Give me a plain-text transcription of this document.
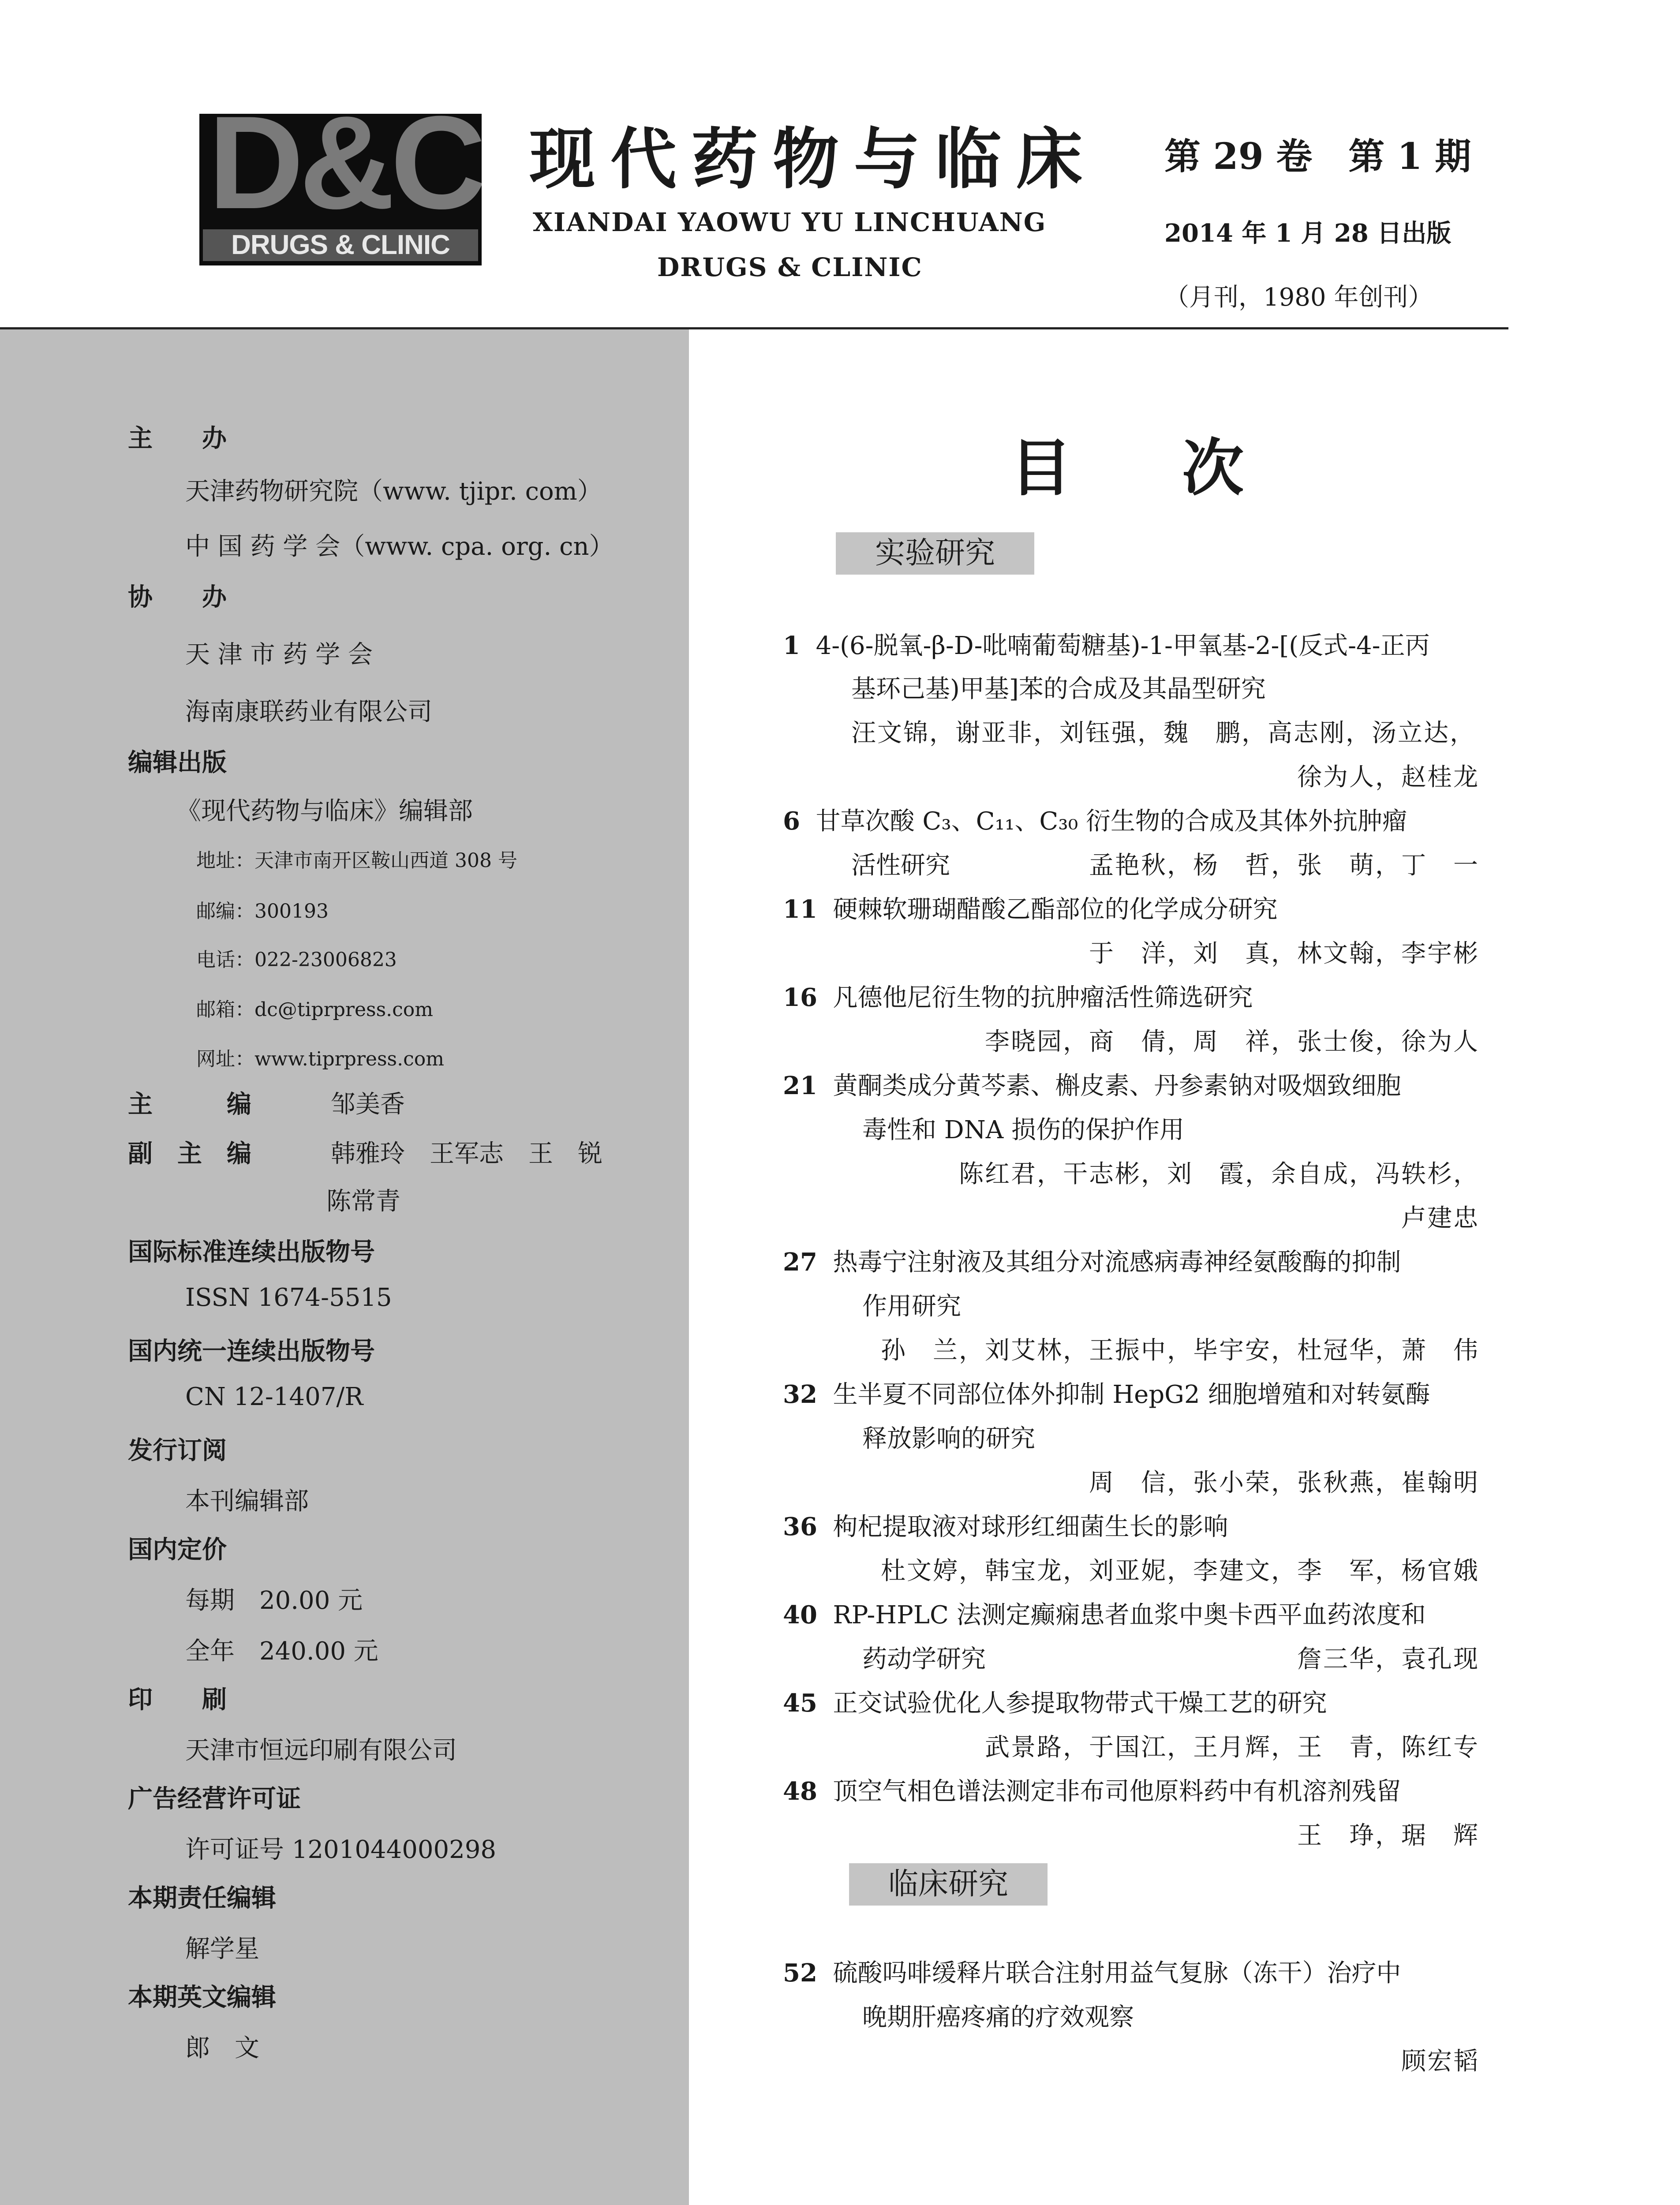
D&C
DRUGS & CLINIC
现代药物与临床
XIANDAI YAOWU YU LINCHUANG
DRUGS & CLINIC
第 29 卷　第 1 期
2014 年 1 月 28 日出版
（月刊，1980 年创刊）
主　　办
天津药物研究院（www. tjipr. com）
中 国 药 学 会（www. cpa. org. cn）
协　　办
天 津 市 药 学 会
海南康联药业有限公司
编辑出版
《现代药物与临床》编辑部
地址：天津市南开区鞍山西道 308 号
邮编：300193
电话：022-23006823
邮箱：dc@tiprpress.com
网址：www.tiprpress.com
主　　　编	邹美香
副　主　编	韩雅玲　王军志　王　锐
陈常青
国际标准连续出版物号
ISSN 1674-5515
国内统一连续出版物号
CN 12-1407/R
发行订阅
本刊编辑部
国内定价
每期　20.00 元
全年　240.00 元
印　　刷
天津市恒远印刷有限公司
广告经营许可证
许可证号 1201044000298
本期责任编辑
解学星
本期英文编辑
郎　文
目次
实验研究
1 4-(6-脱氧-β-D-吡喃葡萄糖基)-1-甲氧基-2-[(反式-4-正丙
基环己基)甲基]苯的合成及其晶型研究
汪文锦，谢亚非，刘钰强，魏　鹏，高志刚，汤立达，
徐为人，赵桂龙
6 甘草次酸 C₃、C₁₁、C₃₀ 衍生物的合成及其体外抗肿瘤
活性研究	孟艳秋，杨　哲，张　萌，丁　一
11 硬棘软珊瑚醋酸乙酯部位的化学成分研究
于　洋，刘　真，林文翰，李宇彬
16 凡德他尼衍生物的抗肿瘤活性筛选研究
李晓园，商　倩，周　祥，张士俊，徐为人
21 黄酮类成分黄芩素、槲皮素、丹参素钠对吸烟致细胞
毒性和 DNA 损伤的保护作用
陈红君，干志彬，刘　霞，余自成，冯轶杉，
卢建忠
27 热毒宁注射液及其组分对流感病毒神经氨酸酶的抑制
作用研究
孙　兰，刘艾林，王振中，毕宇安，杜冠华，萧　伟
32 生半夏不同部位体外抑制 HepG2 细胞增殖和对转氨酶
释放影响的研究
周　信，张小荣，张秋燕，崔翰明
36 枸杞提取液对球形红细菌生长的影响
杜文婷，韩宝龙，刘亚妮，李建文，李　军，杨官娥
40 RP-HPLC 法测定癫痫患者血浆中奥卡西平血药浓度和
药动学研究	詹三华，袁孔现
45 正交试验优化人参提取物带式干燥工艺的研究
武景路，于国江，王月辉，王　青，陈红专
48 顶空气相色谱法测定非布司他原料药中有机溶剂残留
王　琤，琚　辉
临床研究
52 硫酸吗啡缓释片联合注射用益气复脉（冻干）治疗中
晚期肝癌疼痛的疗效观察
顾宏韬
